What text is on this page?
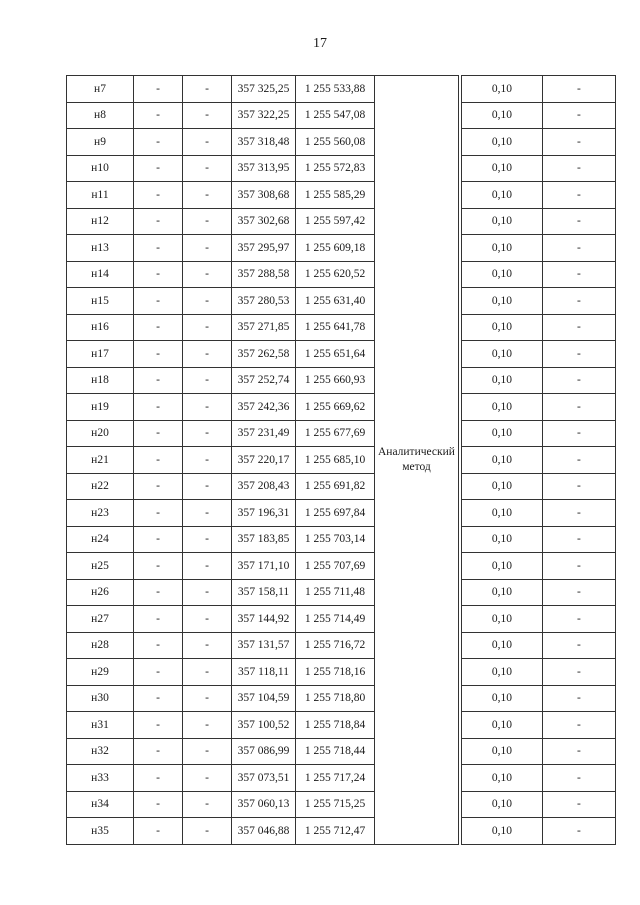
17
н7	-	-	357 325,25	1 255 533,88	Аналитический метод		0,10	-
н8	-	-	357 322,25	1 255 547,08			0,10	-
н9	-	-	357 318,48	1 255 560,08			0,10	-
н10	-	-	357 313,95	1 255 572,83			0,10	-
н11	-	-	357 308,68	1 255 585,29			0,10	-
н12	-	-	357 302,68	1 255 597,42			0,10	-
н13	-	-	357 295,97	1 255 609,18			0,10	-
н14	-	-	357 288,58	1 255 620,52			0,10	-
н15	-	-	357 280,53	1 255 631,40			0,10	-
н16	-	-	357 271,85	1 255 641,78			0,10	-
н17	-	-	357 262,58	1 255 651,64			0,10	-
н18	-	-	357 252,74	1 255 660,93			0,10	-
н19	-	-	357 242,36	1 255 669,62			0,10	-
н20	-	-	357 231,49	1 255 677,69			0,10	-
н21	-	-	357 220,17	1 255 685,10			0,10	-
н22	-	-	357 208,43	1 255 691,82			0,10	-
н23	-	-	357 196,31	1 255 697,84			0,10	-
н24	-	-	357 183,85	1 255 703,14			0,10	-
н25	-	-	357 171,10	1 255 707,69			0,10	-
н26	-	-	357 158,11	1 255 711,48			0,10	-
н27	-	-	357 144,92	1 255 714,49			0,10	-
н28	-	-	357 131,57	1 255 716,72			0,10	-
н29	-	-	357 118,11	1 255 718,16			0,10	-
н30	-	-	357 104,59	1 255 718,80			0,10	-
н31	-	-	357 100,52	1 255 718,84			0,10	-
н32	-	-	357 086,99	1 255 718,44			0,10	-
н33	-	-	357 073,51	1 255 717,24			0,10	-
н34	-	-	357 060,13	1 255 715,25			0,10	-
н35	-	-	357 046,88	1 255 712,47			0,10	-
